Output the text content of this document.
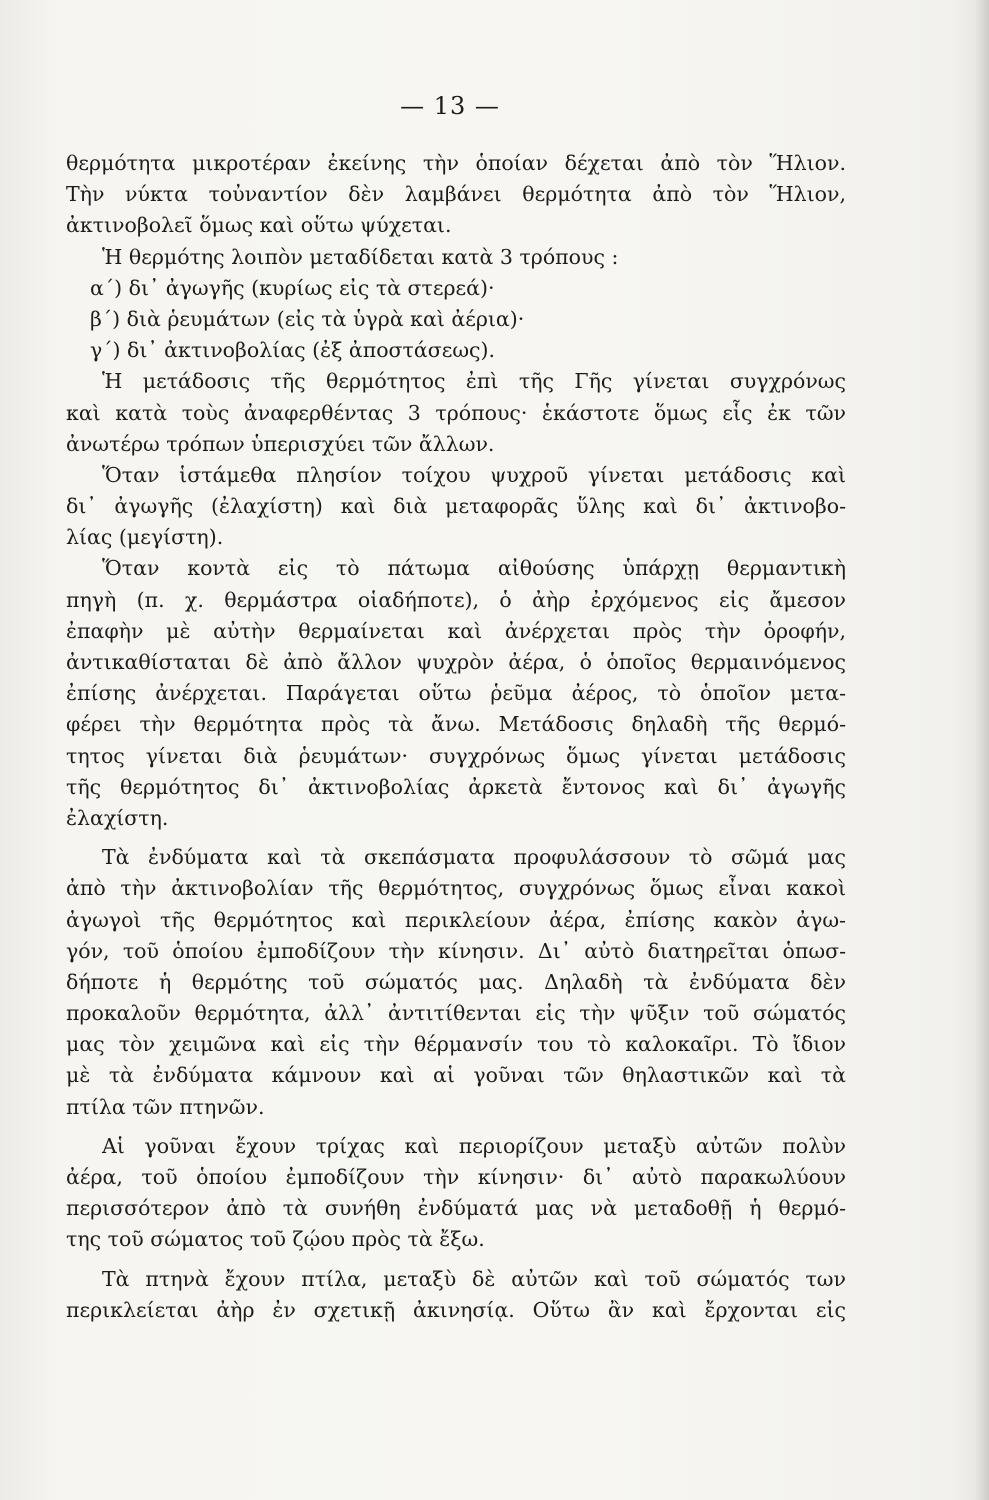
— 13 —
θερμότητα μικροτέραν ἐκείνης τὴν ὁποίαν δέχεται ἀπὸ τὸν Ἥλιον.
Τὴν νύκτα τοὐναντίον δὲν λαμβάνει θερμότητα ἀπὸ τὸν Ἥλιον,
ἀκτινοβολεῖ ὅμως καὶ οὕτω ψύχεται.
Ἡ θερμότης λοιπὸν μεταδίδεται κατὰ 3 τρόπους :
α΄) δι᾿ ἀγωγῆς (κυρίως εἰς τὰ στερεά)·
β΄) διὰ ῥευμάτων (εἰς τὰ ὑγρὰ καὶ ἀέρια)·
γ΄) δι᾿ ἀκτινοβολίας (ἐξ ἀποστάσεως).
Ἡ μετάδοσις τῆς θερμότητος ἐπὶ τῆς Γῆς γίνεται συγχρόνως
καὶ κατὰ τοὺς ἀναφερθέντας 3 τρόπους· ἑκάστοτε ὅμως εἷς ἐκ τῶν
ἀνωτέρω τρόπων ὑπερισχύει τῶν ἄλλων.
Ὅταν ἱστάμεθα πλησίον τοίχου ψυχροῦ γίνεται μετάδοσις καὶ
δι᾿ ἀγωγῆς (ἐλαχίστη) καὶ διὰ μεταφορᾶς ὕλης καὶ δι᾿ ἀκτινοβο-
λίας (μεγίστη).
Ὅταν κοντὰ εἰς τὸ πάτωμα αἰθούσης ὑπάρχῃ θερμαντικὴ
πηγὴ (π. χ. θερμάστρα οἱαδήποτε), ὁ ἀὴρ ἐρχόμενος εἰς ἄμεσον
ἐπαφὴν μὲ αὐτὴν θερμαίνεται καὶ ἀνέρχεται πρὸς τὴν ὀροφήν,
ἀντικαθίσταται δὲ ἀπὸ ἄλλον ψυχρὸν ἀέρα, ὁ ὁποῖος θερμαινόμενος
ἐπίσης ἀνέρχεται. Παράγεται οὕτω ῥεῦμα ἀέρος, τὸ ὁποῖον μετα-
φέρει τὴν θερμότητα πρὸς τὰ ἄνω. Μετάδοσις δηλαδὴ τῆς θερμό-
τητος γίνεται διὰ ῥευμάτων· συγχρόνως ὅμως γίνεται μετάδοσις
τῆς θερμότητος δι᾿ ἀκτινοβολίας ἀρκετὰ ἔντονος καὶ δι᾿ ἀγωγῆς
ἐλαχίστη.
Τὰ ἐνδύματα καὶ τὰ σκεπάσματα προφυλάσσουν τὸ σῶμά μας
ἀπὸ τὴν ἀκτινοβολίαν τῆς θερμότητος, συγχρόνως ὅμως εἶναι κακοὶ
ἀγωγοὶ τῆς θερμότητος καὶ περικλείουν ἀέρα, ἐπίσης κακὸν ἀγω-
γόν, τοῦ ὁποίου ἐμποδίζουν τὴν κίνησιν. Δι᾿ αὐτὸ διατηρεῖται ὁπωσ-
δήποτε ἡ θερμότης τοῦ σώματός μας. Δηλαδὴ τὰ ἐνδύματα δὲν
προκαλοῦν θερμότητα, ἀλλ᾿ ἀντιτίθενται εἰς τὴν ψῦξιν τοῦ σώματός
μας τὸν χειμῶνα καὶ εἰς τὴν θέρμανσίν του τὸ καλοκαῖρι. Τὸ ἴδιον
μὲ τὰ ἐνδύματα κάμνουν καὶ αἱ γοῦναι τῶν θηλαστικῶν καὶ τὰ
πτίλα τῶν πτηνῶν.
Αἱ γοῦναι ἔχουν τρίχας καὶ περιορίζουν μεταξὺ αὐτῶν πολὺν
ἀέρα, τοῦ ὁποίου ἐμποδίζουν τὴν κίνησιν· δι᾿ αὐτὸ παρακωλύουν
περισσότερον ἀπὸ τὰ συνήθη ἐνδύματά μας νὰ μεταδοθῇ ἡ θερμό-
της τοῦ σώματος τοῦ ζῴου πρὸς τὰ ἔξω.
Τὰ πτηνὰ ἔχουν πτίλα, μεταξὺ δὲ αὐτῶν καὶ τοῦ σώματός των
περικλείεται ἀὴρ ἐν σχετικῇ ἀκινησίᾳ. Οὕτω ἂν καὶ ἔρχονται εἰς
